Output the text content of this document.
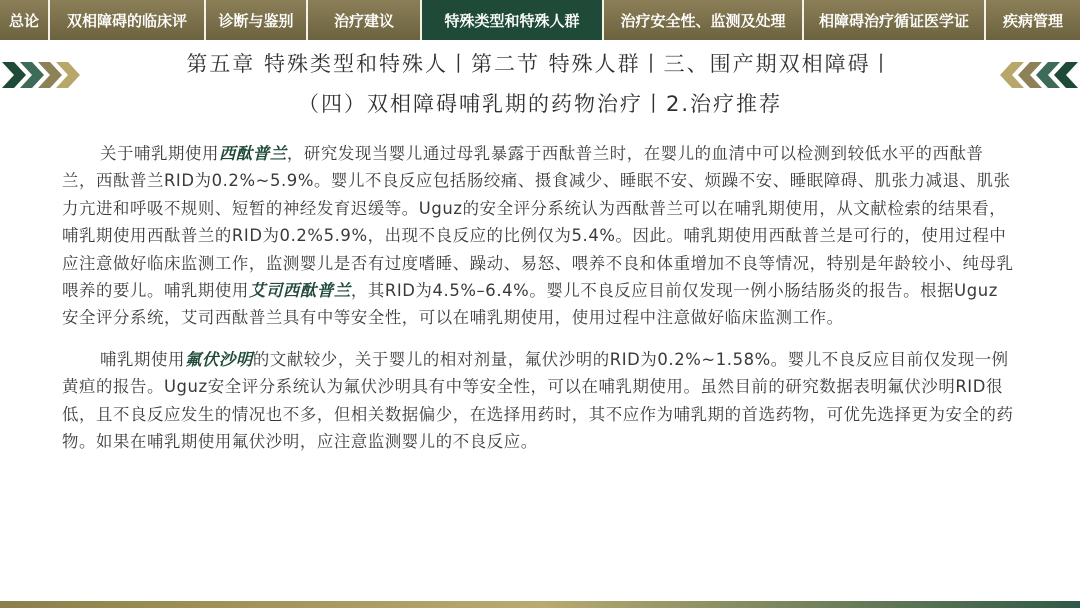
总论	双相障碍的临床评	诊断与鉴别	治疗建议	特殊类型和特殊人群	治疗安全性、监测及处理	相障碍治疗循证医学证	疾病管理
第五章 特殊类型和特殊人丨第二节 特殊人群丨三、围产期双相障碍丨
（四）双相障碍哺乳期的药物治疗丨2.治疗推荐

关于哺乳期使用西酞普兰，研究发现当婴儿通过母乳暴露于西酞普兰时，在婴儿的血清中可以检测到较低水平的西酞普兰，西酞普兰RID为0.2%~5.9%。婴儿不良反应包括肠绞痛、摄食减少、睡眠不安、烦躁不安、睡眠障碍、肌张力减退、肌张力亢进和呼吸不规则、短暂的神经发育迟缓等。Uguz的安全评分系统认为西酞普兰可以在哺乳期使用，从文献检索的结果看，哺乳期使用西酞普兰的RID为0.2%5.9%，出现不良反应的比例仅为5.4%。因此。哺乳期使用西酞普兰是可行的，使用过程中应注意做好临床监测工作，监测婴儿是否有过度嗜睡、躁动、易怒、喂养不良和体重增加不良等情况，特别是年龄较小、纯母乳喂养的要儿。哺乳期使用艾司西酞普兰，其RID为4.5%–6.4%。婴儿不良反应目前仅发现一例小肠结肠炎的报告。根据Uguz安全评分系统，艾司西酞普兰具有中等安全性，可以在哺乳期使用，使用过程中注意做好临床监测工作。

哺乳期使用氟伏沙明的文献较少，关于婴儿的相对剂量，氟伏沙明的RID为0.2%~1.58%。婴儿不良反应目前仅发现一例黄疸的报告。Uguz安全评分系统认为氟伏沙明具有中等安全性，可以在哺乳期使用。虽然目前的研究数据表明氟伏沙明RID很低，且不良反应发生的情况也不多，但相关数据偏少，在选择用药时，其不应作为哺乳期的首选药物，可优先选择更为安全的药物。如果在哺乳期使用氟伏沙明，应注意监测婴儿的不良反应。
